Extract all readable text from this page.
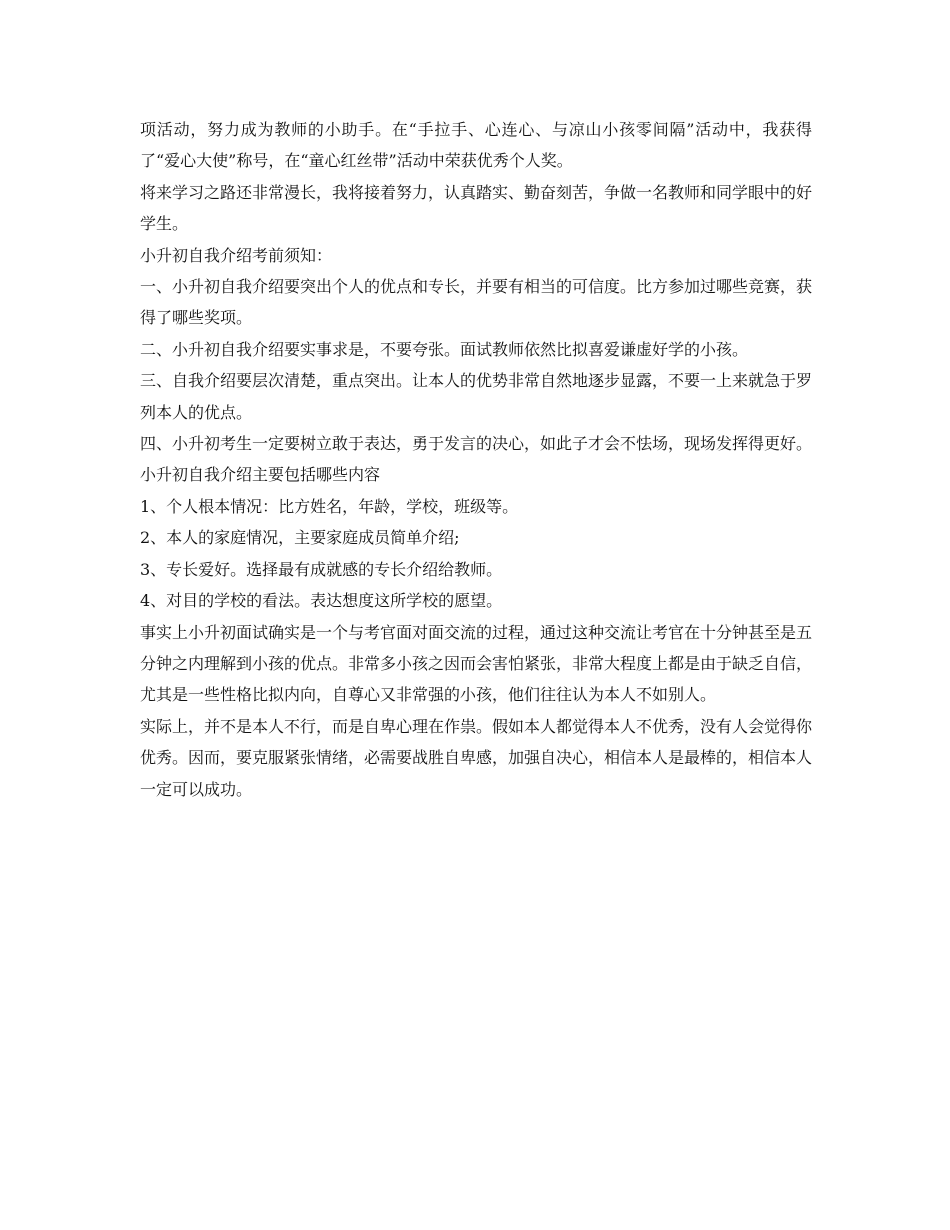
项活动，努力成为教师的小助手。在“手拉手、心连心、与凉山小孩零间隔”活动中，我获得了“爱心大使”称号，在“童心红丝带”活动中荣获优秀个人奖。

将来学习之路还非常漫长，我将接着努力，认真踏实、勤奋刻苦，争做一名教师和同学眼中的好学生。

小升初自我介绍考前须知：

一、小升初自我介绍要突出个人的优点和专长，并要有相当的可信度。比方参加过哪些竞赛，获得了哪些奖项。

二、小升初自我介绍要实事求是，不要夸张。面试教师依然比拟喜爱谦虚好学的小孩。

三、自我介绍要层次清楚，重点突出。让本人的优势非常自然地逐步显露，不要一上来就急于罗列本人的优点。

四、小升初考生一定要树立敢于表达，勇于发言的决心，如此子才会不怯场，现场发挥得更好。

小升初自我介绍主要包括哪些内容

1、个人根本情况：比方姓名，年龄，学校，班级等。

2、本人的家庭情况，主要家庭成员简单介绍;

3、专长爱好。选择最有成就感的专长介绍给教师。

4、对目的学校的看法。表达想度这所学校的愿望。

事实上小升初面试确实是一个与考官面对面交流的过程，通过这种交流让考官在十分钟甚至是五分钟之内理解到小孩的优点。非常多小孩之因而会害怕紧张，非常大程度上都是由于缺乏自信，尤其是一些性格比拟内向，自尊心又非常强的小孩，他们往往认为本人不如别人。

实际上，并不是本人不行，而是自卑心理在作祟。假如本人都觉得本人不优秀，没有人会觉得你优秀。因而，要克服紧张情绪，必需要战胜自卑感，加强自决心，相信本人是最棒的，相信本人一定可以成功。
